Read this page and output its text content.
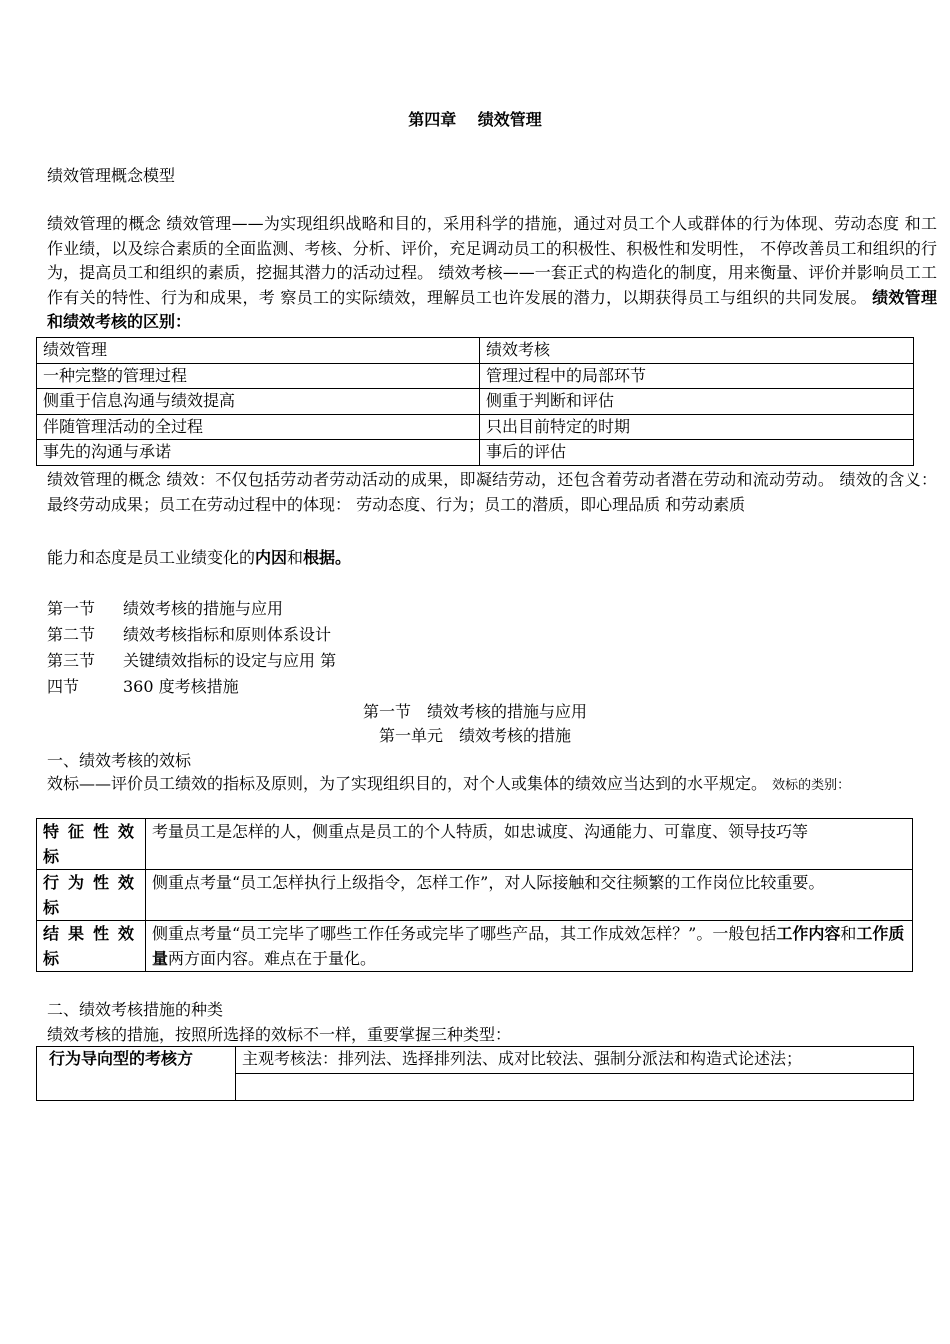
第四章　 绩效管理
绩效管理概念模型
绩效管理的概念 绩效管理——为实现组织战略和目的，采用科学的措施，通过对员工个人或群体的行为体现、劳动态度 和工作业绩，以及综合素质的全面监测、考核、分析、评价，充足调动员工的积极性、积极性和发明性， 不停改善员工和组织的行为，提高员工和组织的素质，挖掘其潜力的活动过程。 绩效考核——一套正式的构造化的制度，用来衡量、评价并影响员工工作有关的特性、行为和成果，考 察员工的实际绩效，理解员工也许发展的潜力，以期获得员工与组织的共同发展。 绩效管理和绩效考核的区别：
绩效管理	绩效考核
一种完整的管理过程	管理过程中的局部环节
侧重于信息沟通与绩效提高	侧重于判断和评估
伴随管理活动的全过程	只出目前特定的时期
事先的沟通与承诺	事后的评估
绩效管理的概念 绩效：不仅包括劳动者劳动活动的成果，即凝结劳动，还包含着劳动者潜在劳动和流动劳动。 绩效的含义：最终劳动成果；员工在劳动过程中的体现： 劳动态度、行为；员工的潜质，即心理品质 和劳动素质
能力和态度是员工业绩变化的内因和根据。
第一节 绩效考核的措施与应用
第二节 绩效考核指标和原则体系设计
第三节 关键绩效指标的设定与应用 第
四节	360 度考核措施
第一节　绩效考核的措施与应用
第一单元　绩效考核的措施
一、绩效考核的效标
效标——评价员工绩效的指标及原则，为了实现组织目的，对个人或集体的绩效应当达到的水平规定。 效标的类别：
特征性效标	考量员工是怎样的人，侧重点是员工的个人特质，如忠诚度、沟通能力、可靠度、领导技巧等
行为性效标	侧重点考量“员工怎样执行上级指令，怎样工作”，对人际接触和交往频繁的工作岗位比较重要。
结果性效标	侧重点考量“员工完毕了哪些工作任务或完毕了哪些产品，其工作成效怎样？”。一般包括工作内容和工作质量两方面内容。难点在于量化。
二、绩效考核措施的种类
绩效考核的措施，按照所选择的效标不一样，重要掌握三种类型：
行为导向型的考核方	主观考核法：排列法、选择排列法、成对比较法、强制分派法和构造式论述法；
